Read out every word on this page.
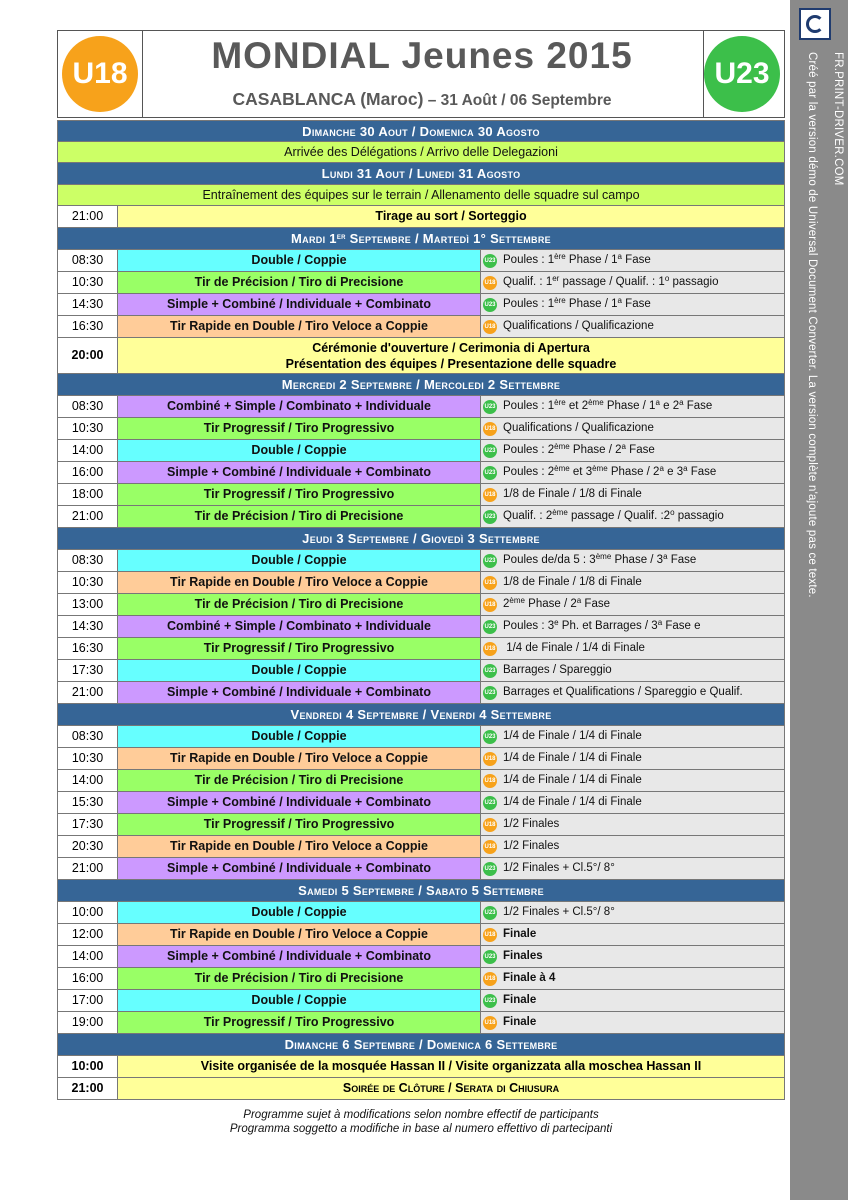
Créé par la version démo de Universal Document Converter. La version complète n'ajoute pas ce texte.	FR.PRINT-DRIVER.COM
U18	MONDIAL Jeunes 2015
CASABLANCA (Maroc) – 31 Août / 06 Septembre
U23
Dimanche 30 Aout / Domenica 30 Agosto
Arrivée des Délégations / Arrivo delle Delegazioni
Lundi 31 Aout / Lunedi 31 Agosto
Entraînement des équipes sur le terrain / Allenamento delle squadre sul campo
21:00	Tirage au sort / Sorteggio
Mardi 1er Septembre / Martedì 1° Settembre
08:30	Double / Coppie	U23 Poules : 1ère Phase / 1$^a$ Fase
10:30	Tir de Précision / Tiro di Precisione	U18 Qualif. : 1er passage / Qualif. : 1$^o$ passagio
14:30	Simple + Combiné / Individuale + Combinato	U23 Poules : 1ère Phase / 1$^a$ Fase
16:30	Tir Rapide en Double / Tiro Veloce a Coppie	U18 Qualifications / Qualificazione
20:00	Cérémonie d'ouverture / Cerimonia di Apertura
Présentation des équipes / Presentazione delle squadre
Mercredi 2 Septembre / Mercoledi 2 Settembre
08:30	Combiné + Simple / Combinato + Individuale	U23 Poules : 1ère et 2ème Phase / 1$^a$ e 2$^a$ Fase
10:30	Tir Progressif / Tiro Progressivo	U18 Qualifications / Qualificazione
14:00	Double / Coppie	U23 Poules : 2ème Phase / 2$^a$ Fase
16:00	Simple + Combiné / Individuale + Combinato	U23 Poules : 2ème et 3ème Phase / 2$^a$ e 3$^a$ Fase
18:00	Tir Progressif / Tiro Progressivo	U18 1/8 de Finale / 1/8 di Finale
21:00	Tir de Précision / Tiro di Precisione	U23 Qualif. : 2ème passage / Qualif. :2$^o$ passagio
Jeudi 3 Septembre / Giovedì 3 Settembre
08:30	Double / Coppie	U23 Poules de/da 5 : 3ème Phase / 3$^a$ Fase
10:30	Tir Rapide en Double / Tiro Veloce a Coppie	U18 1/8 de Finale / 1/8 di Finale
13:00	Tir de Précision / Tiro di Precisione	U18 2ème Phase / 2$^a$ Fase
14:30	Combiné + Simple / Combinato + Individuale	U23 Poules : 3e Ph. et Barrages / 3$^a$ Fase e
16:30	Tir Progressif / Tiro Progressivo	U18 1/4 de Finale / 1/4 di Finale
17:30	Double / Coppie	U23 Barrages / Spareggio
21:00	Simple + Combiné / Individuale + Combinato	U23 Barrages et Qualifications / Spareggio e Qualif.
Vendredi 4 Septembre / Venerdi 4 Settembre
08:30	Double / Coppie	U23 1/4 de Finale / 1/4 di Finale
10:30	Tir Rapide en Double / Tiro Veloce a Coppie	U18 1/4 de Finale / 1/4 di Finale
14:00	Tir de Précision / Tiro di Precisione	U18 1/4 de Finale / 1/4 di Finale
15:30	Simple + Combiné / Individuale + Combinato	U23 1/4 de Finale / 1/4 di Finale
17:30	Tir Progressif / Tiro Progressivo	U18 1/2 Finales
20:30	Tir Rapide en Double / Tiro Veloce a Coppie	U18 1/2 Finales
21:00	Simple + Combiné / Individuale + Combinato	U23 1/2 Finales + Cl.5°/ 8°
Samedi 5 Septembre / Sabato 5 Settembre
10:00	Double / Coppie	U23 1/2 Finales + Cl.5°/ 8°
12:00	Tir Rapide en Double / Tiro Veloce a Coppie	U18 Finale
14:00	Simple + Combiné / Individuale + Combinato	U23 Finales
16:00	Tir de Précision / Tiro di Precisione	U18 Finale à 4
17:00	Double / Coppie	U23 Finale
19:00	Tir Progressif / Tiro Progressivo	U18 Finale
Dimanche 6 Septembre / Domenica 6 Settembre
10:00	Visite organisée de la mosquée Hassan II / Visite organizzata alla moschea Hassan II
21:00	Soirée de Clôture / Serata di Chiusura
Programme sujet à modifications selon nombre effectif de participants
Programma soggetto a modifiche in base al numero effettivo di partecipanti
